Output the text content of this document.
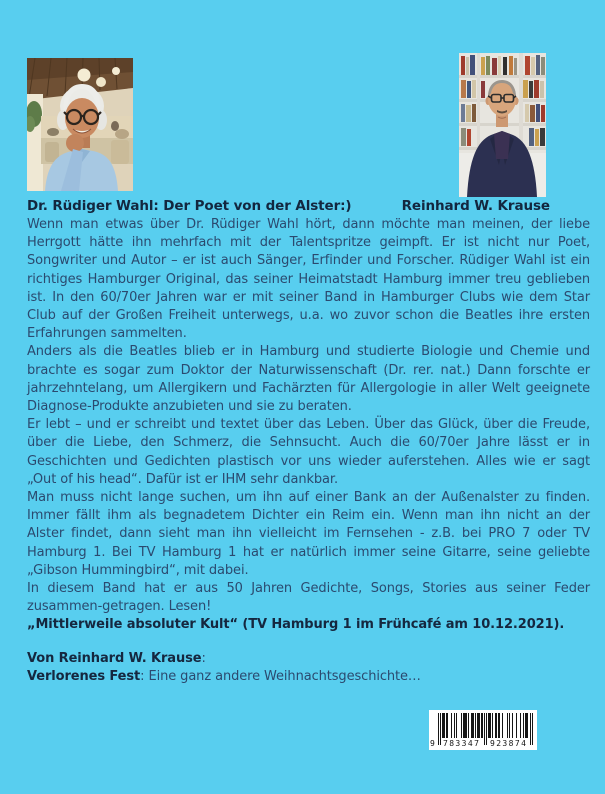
Dr. Rüdiger Wahl: Der Poet von der Alster:)	Reinhard W. Krause

Wenn man etwas über Dr. Rüdiger Wahl hört, dann möchte man meinen, der liebe Herrgott hätte ihn mehrfach mit der Talentspritze geimpft. Er ist nicht nur Poet, Songwriter und Autor – er ist auch Sänger, Erfinder und Forscher. Rüdiger Wahl ist ein richtiges Hamburger Original, das seiner Heimatstadt Hamburg immer treu geblieben ist. In den 60/70er Jahren war er mit seiner Band in Hamburger Clubs wie dem Star Club auf der Großen Freiheit unterwegs, u.a. wo zuvor schon die Beatles ihre ersten Erfahrungen sammelten.

Anders als die Beatles blieb er in Hamburg und studierte Biologie und Chemie und brachte es sogar zum Doktor der Naturwissenschaft (Dr. rer. nat.) Dann forschte er jahrzehntelang, um Allergikern und Fachärzten für Allergologie in aller Welt geeignete Diagnose-Produkte anzubieten und sie zu beraten.

Er lebt – und er schreibt und textet über das Leben. Über das Glück, über die Freude, über die Liebe, den Schmerz, die Sehnsucht. Auch die 60/70er Jahre lässt er in Geschichten und Gedichten plastisch vor uns wieder auferstehen. Alles wie er sagt „Out of his head“. Dafür ist er IHM sehr dankbar.

Man muss nicht lange suchen, um ihn auf einer Bank an der Außenalster zu finden. Immer fällt ihm als begnadetem Dichter ein Reim ein. Wenn man ihn nicht an der Alster findet, dann sieht man ihn vielleicht im Fernsehen - z.B. bei PRO 7 oder TV Hamburg 1. Bei TV Hamburg 1 hat er natürlich immer seine Gitarre, seine geliebte „Gibson Hummingbird“, mit dabei.

In diesem Band hat er aus 50 Jahren Gedichte, Songs, Stories aus seiner Feder zusammen-getragen. Lesen!

„Mittlerweile absoluter Kult“ (TV Hamburg 1 im Frühcafé am 10.12.2021).

Von Reinhard W. Krause:

Verlorenes Fest: Eine ganz andere Weihnachtsgeschichte…

9 783347 923874
